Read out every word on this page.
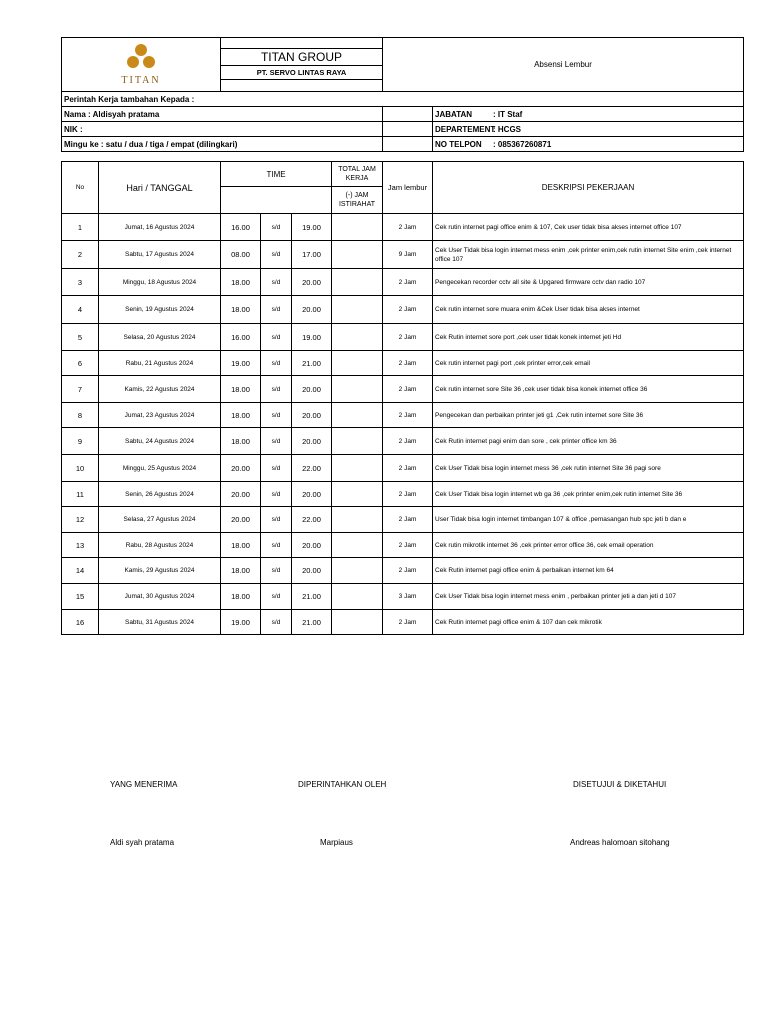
TITAN		Absensi Lembur	
	TITAN GROUP		
	PT. SERVO LINTAS RAYA		

Perintah Kerja tambahan Kepada :			
Nama : Aldisyah pratama			JABATAN : IT Staf
NIK :			DEPARTEMENT: HCGS
Mingu ke : satu / dua / tiga / empat (dilingkari)			NO TELPON : 085367260871
No	Hari / TANGGAL	TIME			TOTAL JAM KERJA	Jam lembur	DESKRIPSI PEKERJAAN
					(-) JAM ISTIRAHAT		
1	Jumat, 16 Agustus 2024	16.00	s/d	19.00		2 Jam	Cek rutin internet pagi office enim & 107, Cek user tidak bisa akses internet office 107
2	Sabtu, 17 Agustus 2024	08.00	s/d	17.00		9 Jam	Cek User Tidak bisa login internet mess enim ,cek printer enim,cek rutin internet Site enim ,cek internet office 107
3	Minggu, 18 Agustus 2024	18.00	s/d	20.00		2 Jam	Pengecekan recorder cctv all site & Upgared firmware cctv dan radio 107
4	Senin, 19 Agustus 2024	18.00	s/d	20.00		2 Jam	Cek rutin internet sore muara enim &Cek User tidak bisa akses internet
5	Selasa, 20 Agustus 2024	16.00	s/d	19.00		2 Jam	Cek Rutin internet sore port ,cek user tidak konek internet jeti Hd
6	Rabu, 21 Agustus 2024	19.00	s/d	21.00		2 Jam	Cek rutin internet pagi port ,cek printer error,cek email
7	Kamis, 22 Agustus 2024	18.00	s/d	20.00		2 Jam	Cek rutin internet sore Site 36 ,cek user tidak bisa konek internet office 36
8	Jumat, 23 Agustus 2024	18.00	s/d	20.00		2 Jam	Pengecekan dan perbaikan printer jeti g1 ,Cek rutin internet sore Site 36
9	Sabtu, 24 Agustus 2024	18.00	s/d	20.00		2 Jam	Cek Rutin internet pagi enim dan sore , cek printer office km 36
10	Minggu, 25 Agustus 2024	20.00	s/d	22.00		2 Jam	Cek User Tidak bisa login internet mess 36 ,cek rutin internet Site 36 pagi sore
11	Senin, 26 Agustus 2024	20.00	s/d	20.00		2 Jam	Cek User Tidak bisa login internet wb ga 36 ,cek printer enim,cek rutin internet Site 36
12	Selasa, 27 Agustus 2024	20.00	s/d	22.00		2 Jam	User Tidak bisa login internet timbangan 107 & office ,pemasangan hub spc jeti b dan e
13	Rabu, 28 Agustus 2024	18.00	s/d	20.00		2 Jam	Cek rutin mikrotik internet 36 ,cek printer error office 36, cek email operation
14	Kamis, 29 Agustus 2024	18.00	s/d	20.00		2 Jam	Cek Rutin internet pagi office enim & perbaikan internet km 64
15	Jumat, 30 Agustus 2024	18.00	s/d	21.00		3 Jam	Cek User Tidak bisa login internet mess enim , perbaikan printer jeti a dan jeti d 107
16	Sabtu, 31 Agustus 2024	19.00	s/d	21.00		2 Jam	Cek Rutin internet pagi office enim & 107 dan cek mikrotik
YANG MENERIMA	DIPERINTAHKAN OLEH	DISETUJUI & DIKETAHUI
Aldi syah pratama	Marpiaus	Andreas halomoan sitohang
